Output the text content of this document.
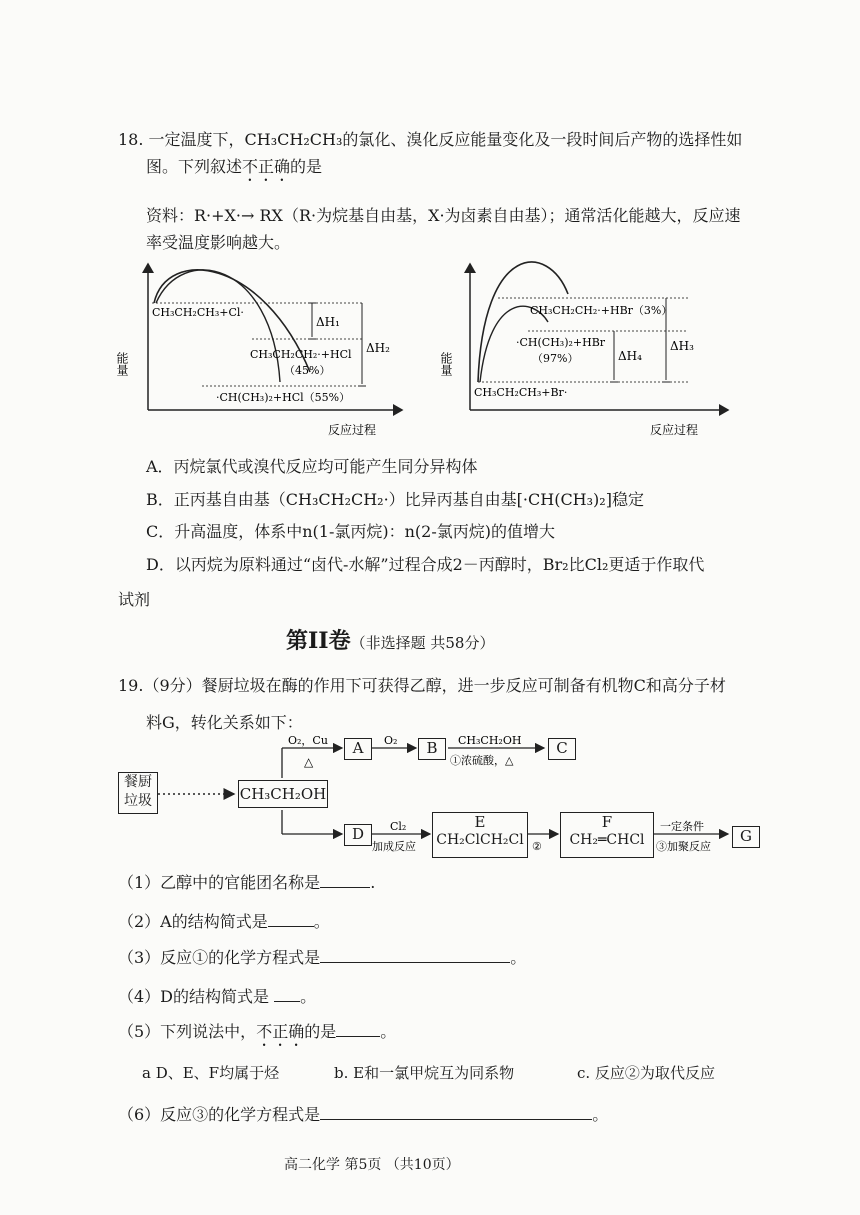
18. 一定温度下，CH₃CH₂CH₃的氯化、溴化反应能量变化及一段时间后产物的选择性如
图。下列叙述不正确的是
资料：R·+X·→ RX（R·为烷基自由基，X·为卤素自由基）；通常活化能越大，反应速
率受温度影响越大。
能量
ΔH₁
ΔH₂
CH₃CH₂CH₃+Cl·
CH₃CH₂CH₂·+HCl
（45%）
·CH(CH₃)₂+HCl（55%）
反应过程
能量	ΔH₄
ΔH₃
CH₃CH₂CH₂·+HBr（3%）
·CH(CH₃)₂+HBr
（97%）
CH₃CH₂CH₃+Br·
反应过程
A．丙烷氯代或溴代反应均可能产生同分异构体
B．正丙基自由基（CH₃CH₂CH₂·）比异丙基自由基[·CH(CH₃)₂]稳定
C．升高温度，体系中n(1-氯丙烷)：n(2-氯丙烷)的值增大
D．以丙烷为原料通过“卤代-水解”过程合成2－丙醇时，Br₂比Cl₂更适于作取代
试剂
第II卷（非选择题 共58分）
19.（9分）餐厨垃圾在酶的作用下可获得乙醇，进一步反应可制备有机物C和高分子材
料G，转化关系如下：
O₂，Cu
△
O₂	CH₃CH₂OH
①浓硫酸，△
Cl₂
加成反应	②
一定条件
③加聚反应
餐厨垃圾	CH₃CH₂OH
A	B	C
D
E
CH₂ClCH₂Cl
F
CH₂═CHCl	G
（1）乙醇中的官能团名称是	.
（2）A的结构简式是	。
（3）反应①的化学方程式是	。
（4）D的结构简式是 。
（5）下列说法中，不正确的是	。
a D、E、F均属于烃	b. E和一氯甲烷互为同系物	c. 反应②为取代反应
（6）反应③的化学方程式是	。
高二化学 第5页 （共10页）
